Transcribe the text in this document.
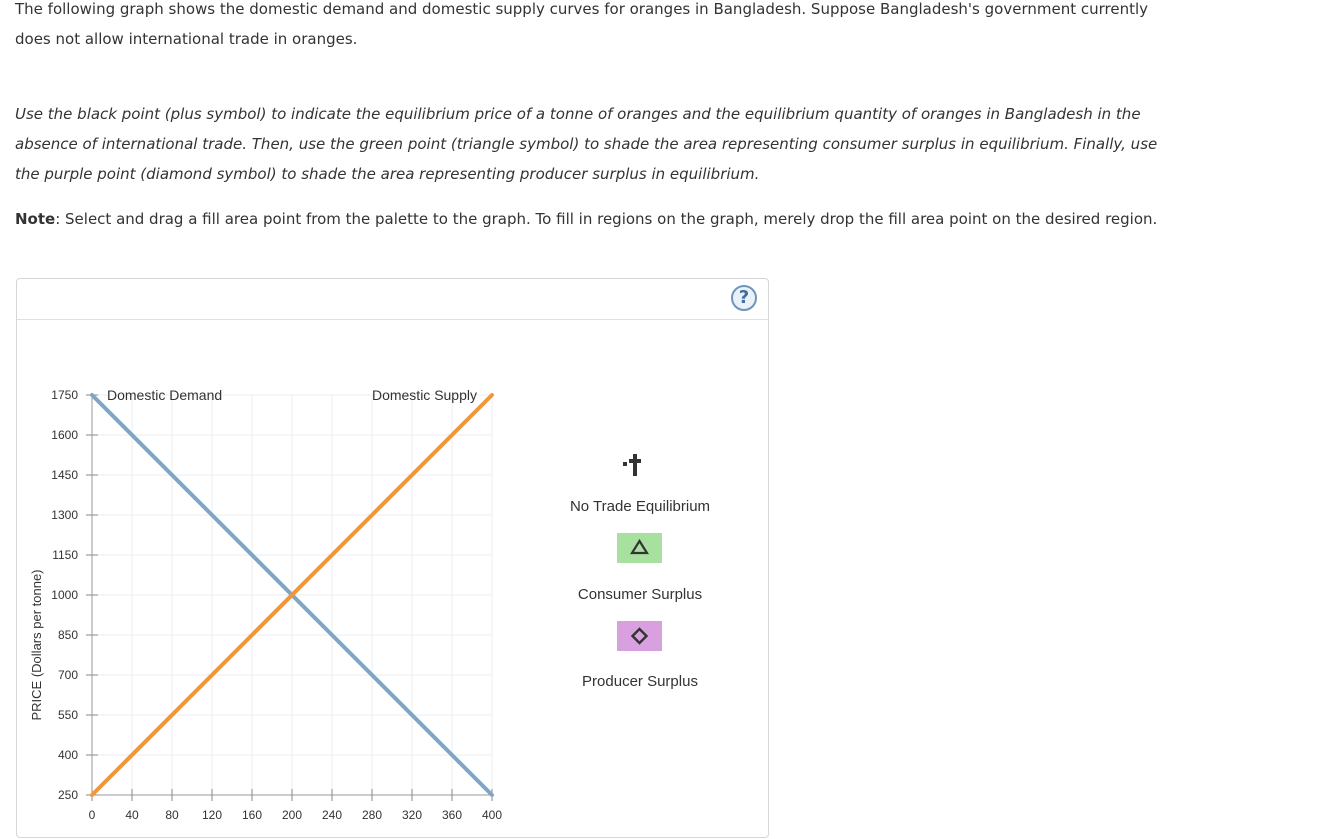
The following graph shows the domestic demand and domestic supply curves for oranges in Bangladesh. Suppose Bangladesh's government currently does not allow international trade in oranges.

Use the black point (plus symbol) to indicate the equilibrium price of a tonne of oranges and the equilibrium quantity of oranges in Bangladesh in the absence of international trade. Then, use the green point (triangle symbol) to shade the area representing consumer surplus in equilibrium. Finally, use the purple point (diamond symbol) to shade the area representing producer surplus in equilibrium.

Note: Select and drag a fill area point from the palette to the graph. To fill in regions on the graph, merely drop the fill area point on the desired region.

?
250
400
550
700
850
1000
1150
1300
1450
1600
1750
0 40 80 120 160 200 240 280 320 360 400
PRICE (Dollars per tonne)
Domestic Demand	Domestic Supply
No Trade Equilibrium
Consumer Surplus
Producer Surplus
